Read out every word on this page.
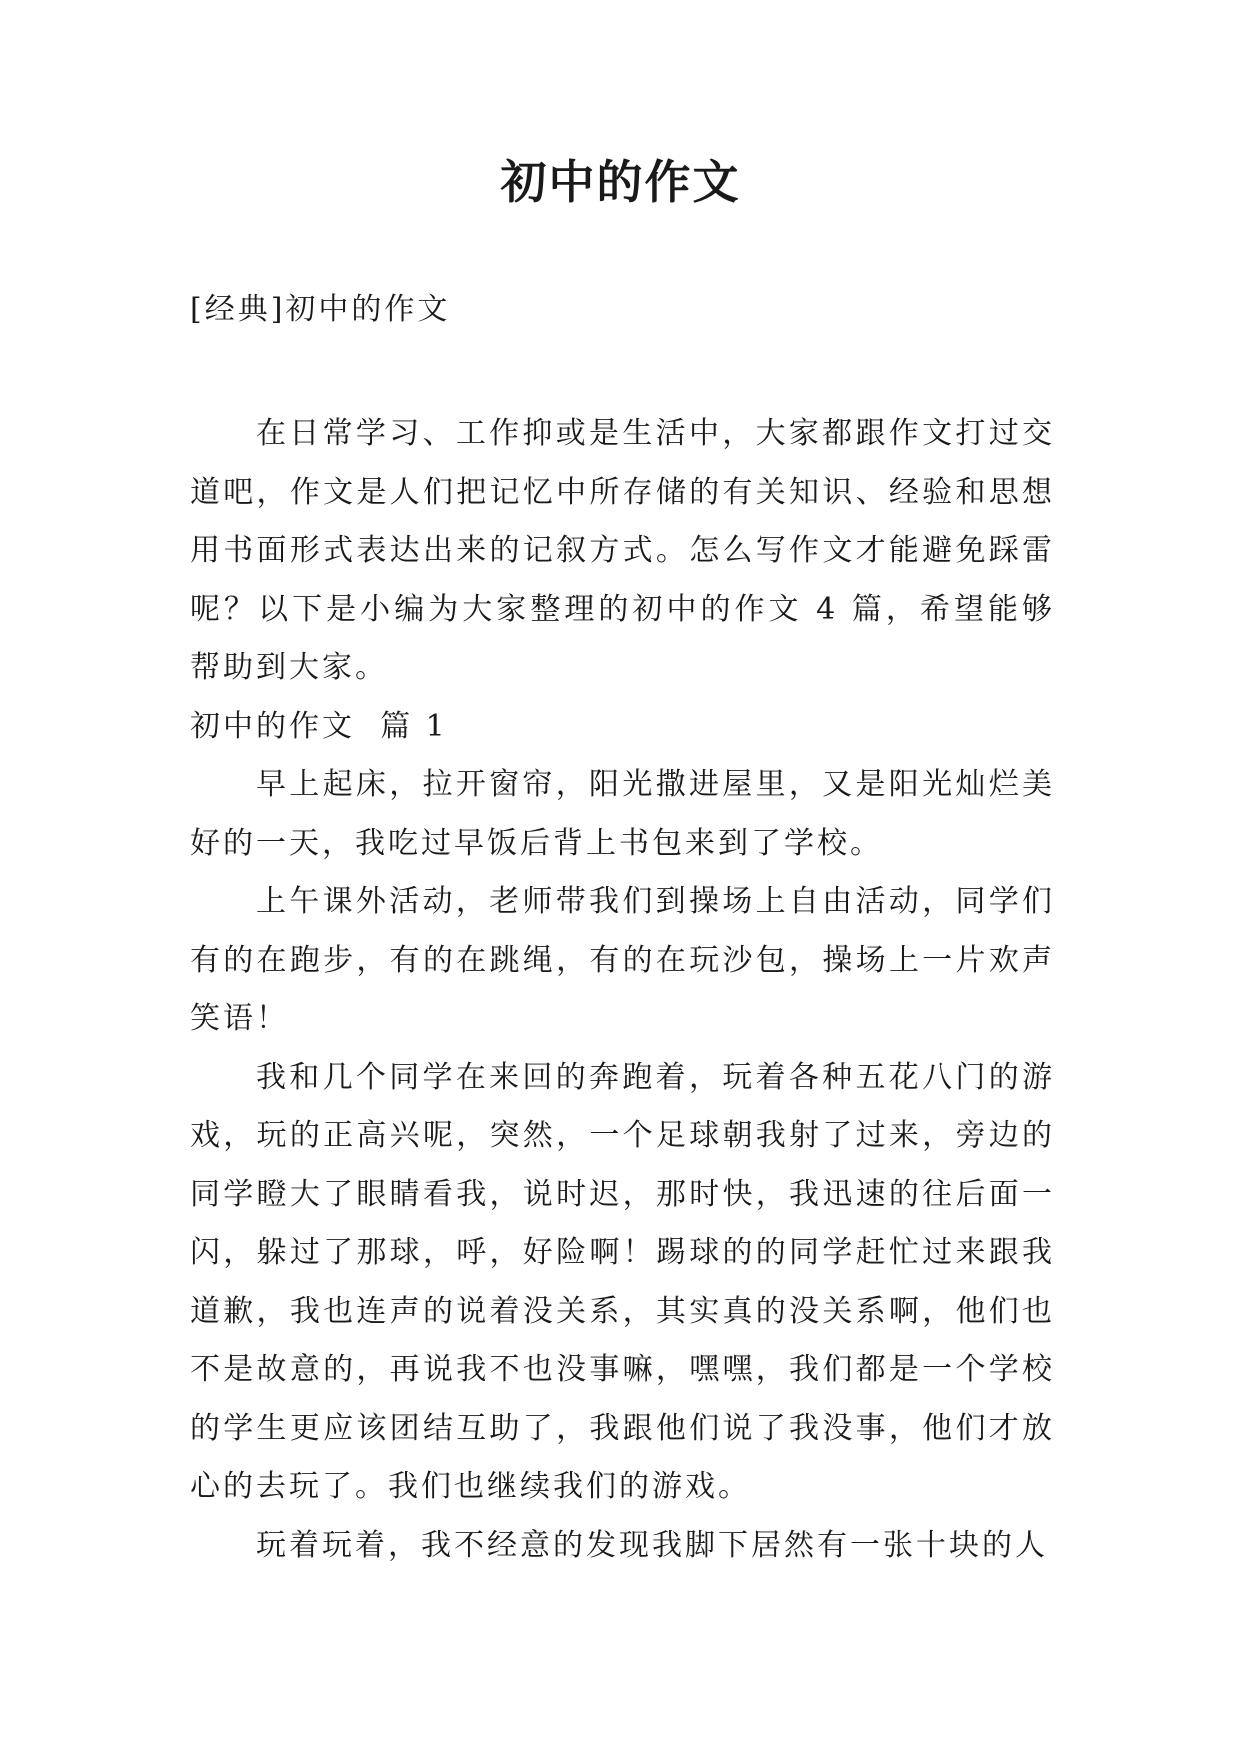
初中的作文

[经典]初中的作文

在日常学习、工作抑或是生活中，大家都跟作文打过交道吧，作文是人们把记忆中所存储的有关知识、经验和思想用书面形式表达出来的记叙方式。怎么写作文才能避免踩雷呢？以下是小编为大家整理的初中的作文 4 篇，希望能够帮助到大家。

初中的作文  篇 1

早上起床，拉开窗帘，阳光撒进屋里，又是阳光灿烂美好的一天，我吃过早饭后背上书包来到了学校。

上午课外活动，老师带我们到操场上自由活动，同学们有的在跑步，有的在跳绳，有的在玩沙包，操场上一片欢声笑语！

我和几个同学在来回的奔跑着，玩着各种五花八门的游戏，玩的正高兴呢，突然，一个足球朝我射了过来，旁边的同学瞪大了眼睛看我，说时迟，那时快，我迅速的往后面一闪，躲过了那球，呼，好险啊！踢球的的同学赶忙过来跟我道歉，我也连声的说着没关系，其实真的没关系啊，他们也不是故意的，再说我不也没事嘛，嘿嘿，我们都是一个学校的学生更应该团结互助了，我跟他们说了我没事，他们才放心的去玩了。我们也继续我们的游戏。

玩着玩着，我不经意的发现我脚下居然有一张十块的人
